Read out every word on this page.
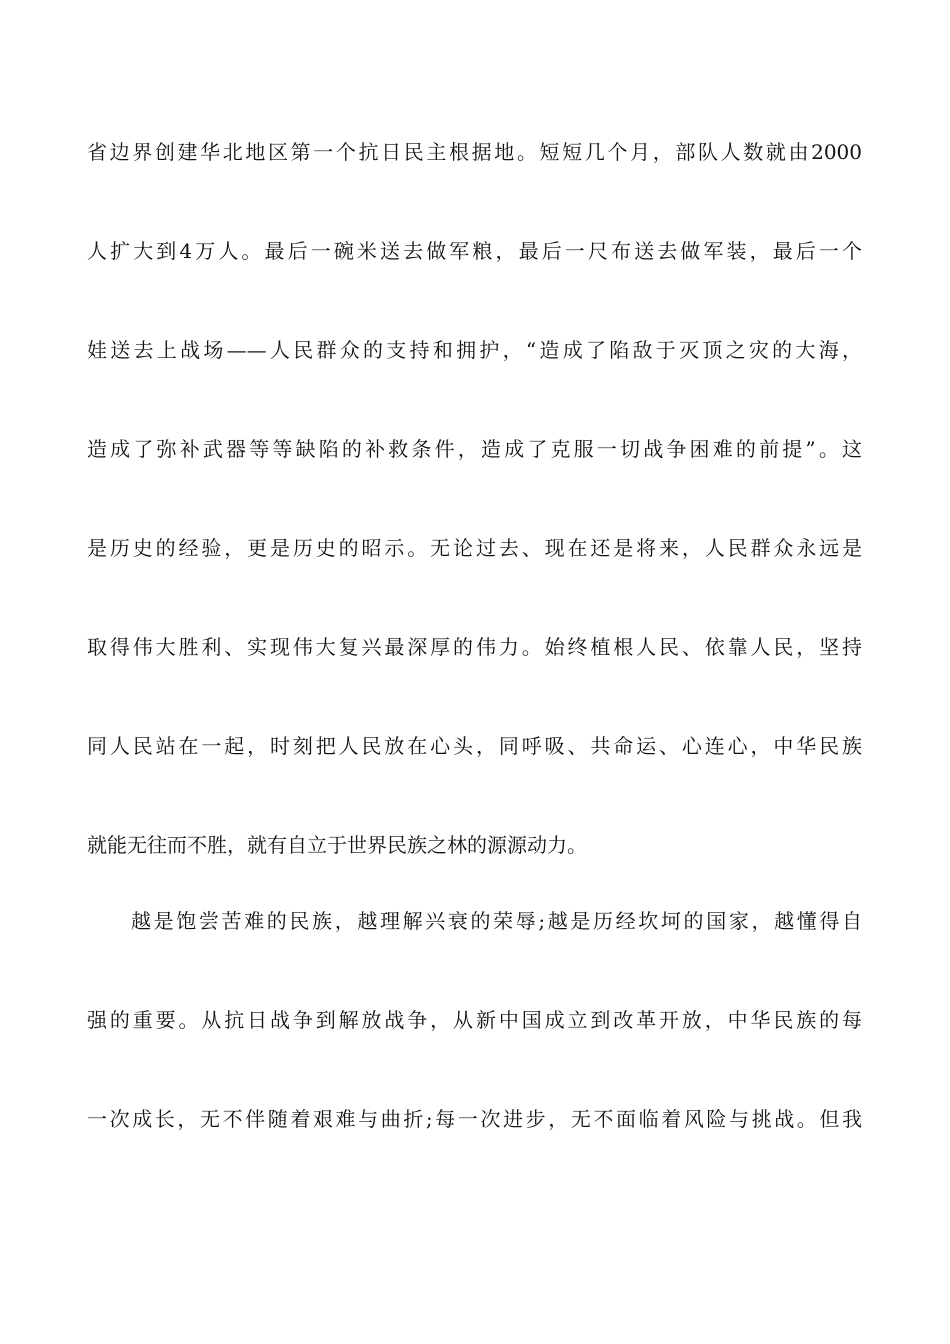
省边界创建华北地区第一个抗日民主根据地。短短几个月，部队人数就由2000
人扩大到4万人。最后一碗米送去做军粮，最后一尺布送去做军装，最后一个
娃送去上战场——人民群众的支持和拥护，“造成了陷敌于灭顶之灾的大海，
造成了弥补武器等等缺陷的补救条件，造成了克服一切战争困难的前提”。这
是历史的经验，更是历史的昭示。无论过去、现在还是将来，人民群众永远是
取得伟大胜利、实现伟大复兴最深厚的伟力。始终植根人民、依靠人民，坚持
同人民站在一起，时刻把人民放在心头，同呼吸、共命运、心连心，中华民族
就能无往而不胜，就有自立于世界民族之林的源源动力。
越是饱尝苦难的民族，越理解兴衰的荣辱;越是历经坎坷的国家，越懂得自
强的重要。从抗日战争到解放战争，从新中国成立到改革开放，中华民族的每
一次成长，无不伴随着艰难与曲折;每一次进步，无不面临着风险与挑战。但我
